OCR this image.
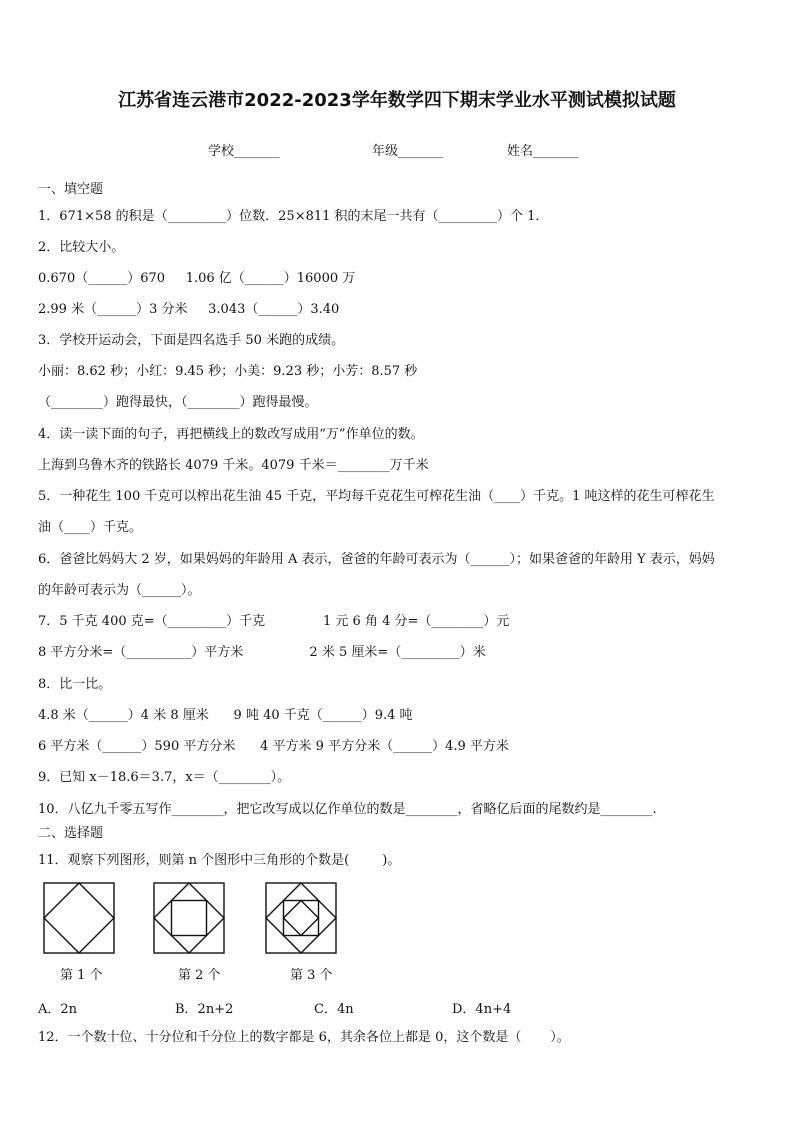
江苏省连云港市2022-2023学年数学四下期末学业水平测试模拟试题
学校_______	年级_______	姓名_______
一、填空题
1．671×58 的积是（_________）位数．25×811 积的末尾一共有（_________）个 1．
2．比较大小。
0.670（______）670     1.06 亿（______）16000 万
2.99 米（______）3 分米     3.043（______）3.40
3．学校开运动会，下面是四名选手 50 米跑的成绩。
小丽：8.62 秒；小红：9.45 秒；小美：9.23 秒；小芳：8.57 秒
（________）跑得最快，（________）跑得最慢。
4．读一读下面的句子，再把横线上的数改写成用“万”作单位的数。
上海到乌鲁木齐的铁路长 4079 千米。4079 千米＝________万千米
5．一种花生 100 千克可以榨出花生油 45 千克，平均每千克花生可榨花生油（____）千克。1 吨这样的花生可榨花生
油（____）千克。
6．爸爸比妈妈大 2 岁，如果妈妈的年龄用 A 表示，爸爸的年龄可表示为（______）；如果爸爸的年龄用 Y 表示，妈妈
的年龄可表示为（______）。
7．5 千克 400 克=（_________）千克              1 元 6 角 4 分=（________）元
8 平方分米=（__________）平方米                2 米 5 厘米=（_________）米
8．比一比。
4.8 米（______）4 米 8 厘米      9 吨 40 千克（______）9.4 吨
6 平方米（______）590 平方分米      4 平方米 9 平方分米（______）4.9 平方米
9．已知 x－18.6＝3.7，x＝（________）。
10．八亿九千零五写作________，把它改写成以亿作单位的数是________，省略亿后面的尾数约是________.
二、选择题
11．观察下列图形，则第 n 个图形中三角形的个数是(        )。
第 1 个	第 2 个	第 3 个
A．2n	B．2n+2	C．4n	D．4n+4
12．一个数十位、十分位和千分位上的数字都是 6，其余各位上都是 0，这个数是（       ）。
